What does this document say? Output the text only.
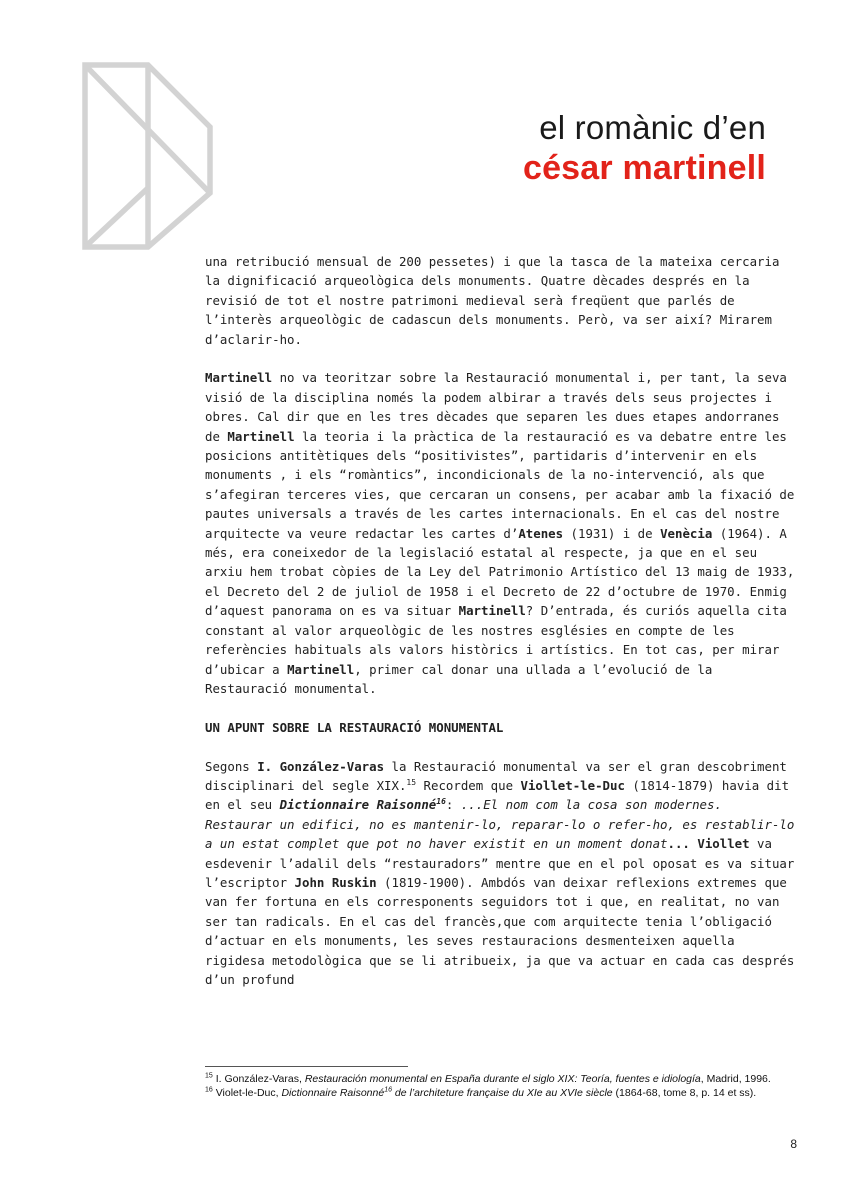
el romànic d’en
césar martinell

una retribució mensual de 200 pessetes) i que la tasca de la mateixa cercaria la dignificació arqueològica dels monuments. Quatre dècades després en la revisió de tot el nostre patrimoni medieval serà freqüent que parlés de l’interès arqueològic de cadascun dels monuments. Però, va ser així? Mirarem d’aclarir-ho.

Martinell no va teoritzar sobre la Restauració monumental i, per tant, la seva visió de la disciplina només la podem albirar a través dels seus projectes i obres. Cal dir que en les tres dècades que separen les dues etapes andorranes de Martinell la teoria i la pràctica de la restauració es va debatre entre les posicions antitètiques dels “positivistes”, partidaris d’intervenir en els monuments , i els “romàntics”, incondicionals de la no-intervenció, als que s’afegiran terceres vies, que cercaran un consens, per acabar amb la fixació de pautes universals a través de les cartes internacionals. En el cas del nostre arquitecte va veure redactar les cartes d’Atenes (1931) i de Venècia (1964). A més, era coneixedor de la legislació estatal al respecte, ja que en el seu arxiu hem trobat còpies de la Ley del Patrimonio Artístico del 13 maig de 1933, el Decreto del 2 de juliol de 1958 i el Decreto de 22 d’octubre de 1970. Enmig d’aquest panorama on es va situar Martinell? D’entrada, és curiós aquella cita constant al valor arqueològic de les nostres esglésies en compte de les referències habituals als valors històrics i artístics. En tot cas, per mirar d’ubicar a Martinell, primer cal donar una ullada a l’evolució de la Restauració monumental.

UN APUNT SOBRE LA RESTAURACIÓ MONUMENTAL

Segons I. González-Varas la Restauració monumental va ser el gran descobriment disciplinari del segle XIX.$^{15}$ Recordem que Viollet-le-Duc (1814-1879) havia dit en el seu Dictionnaire Raisonné$^{16}$: ...El nom com la cosa son modernes. Restaurar un edifici, no es mantenir-lo, reparar-lo o refer-ho, es restablir-lo a un estat complet que pot no haver existit en un moment donat... Viollet va esdevenir l’adalil dels “restauradors” mentre que en el pol oposat es va situar l’escriptor John Ruskin (1819-1900). Ambdós van deixar reflexions extremes que van fer fortuna en els corresponents seguidors tot i que, en realitat, no van ser tan radicals. En el cas del francès,que com arquitecte tenia l’obligació d’actuar en els monuments, les seves restauracions desmenteixen aquella rigidesa metodològica que se li atribueix, ja que va actuar en cada cas després d’un profund

$^{15}$ I. González-Varas, Restauración monumental en España durante el siglo XIX: Teoría, fuentes e idiología, Madrid, 1996.

$^{16}$ Violet-le-Duc, Dictionnaire Raisonné$^{16}$ de l’architeture française du XIe au XVIe siècle (1864-68, tome 8, p. 14 et ss).

8
